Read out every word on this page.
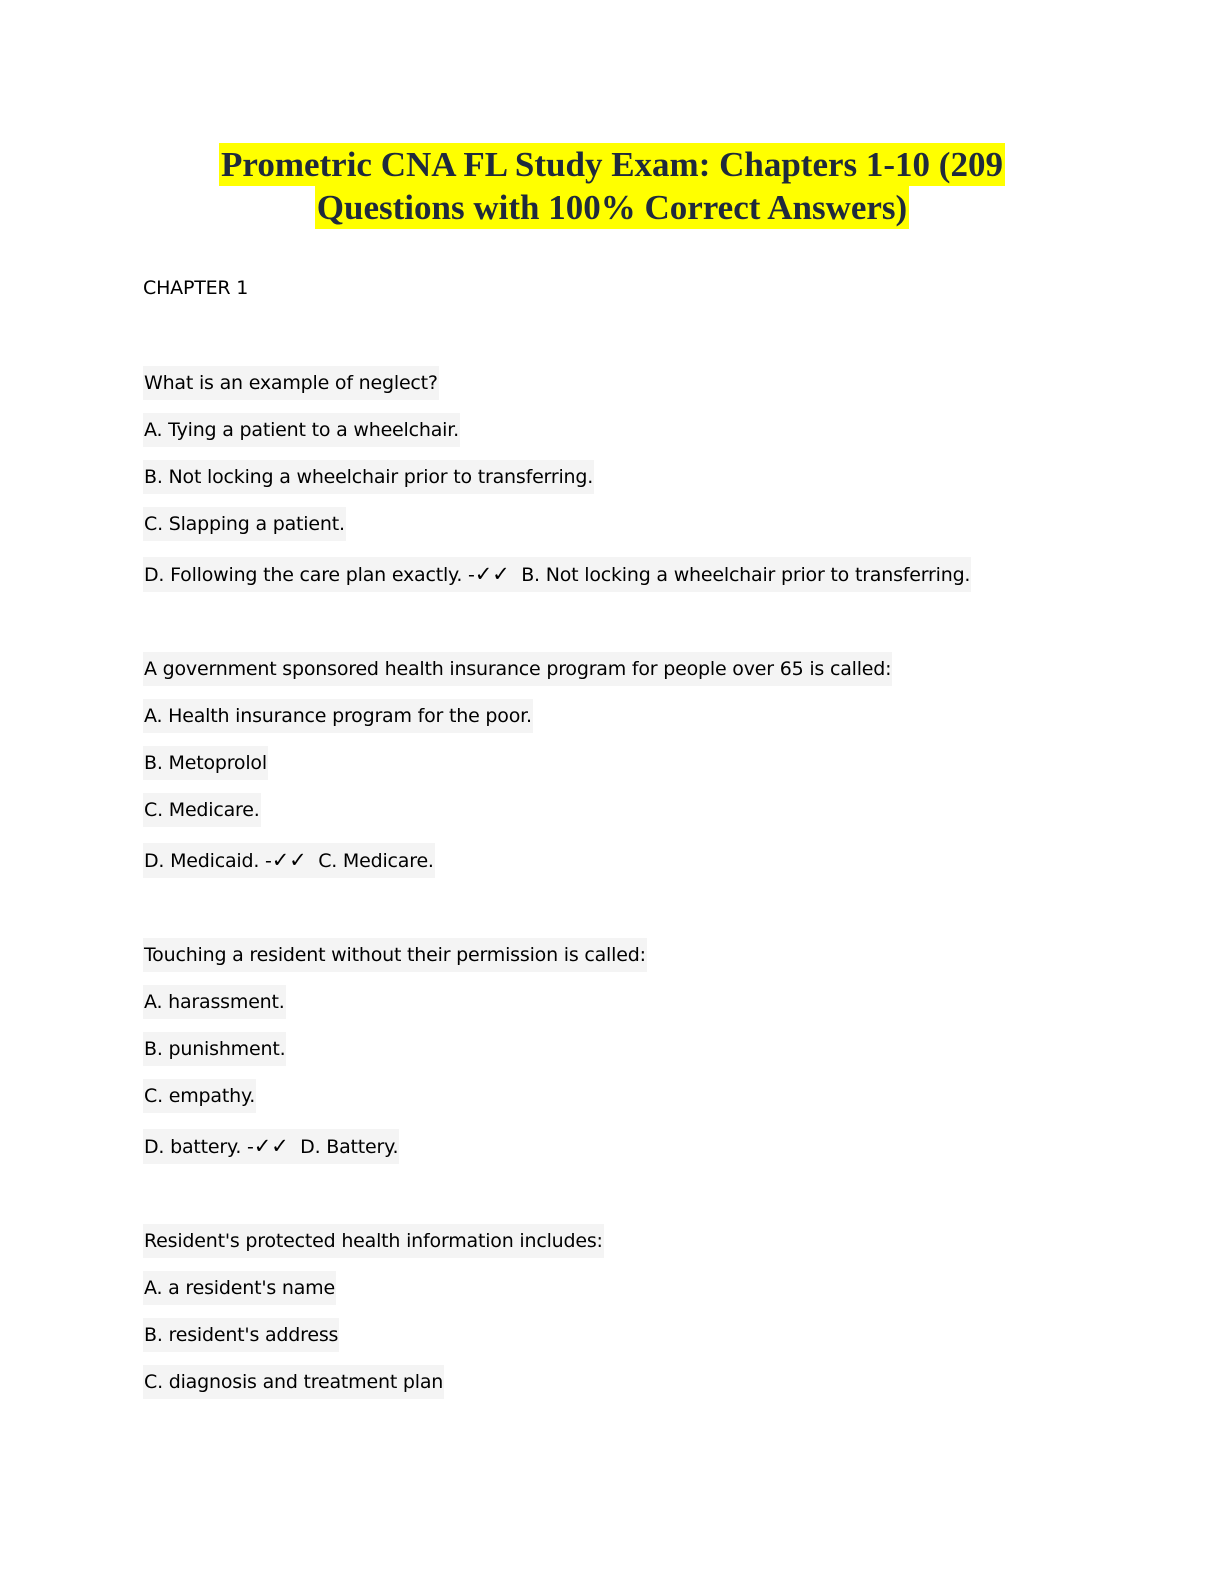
Prometric CNA FL Study Exam: Chapters 1-10 (209
Questions with 100% Correct Answers)
CHAPTER 1
What is an example of neglect?
A. Tying a patient to a wheelchair.
B. Not locking a wheelchair prior to transferring.
C. Slapping a patient.
D. Following the care plan exactly. -✓✓ B. Not locking a wheelchair prior to transferring.
A government sponsored health insurance program for people over 65 is called:
A. Health insurance program for the poor.
B. Metoprolol
C. Medicare.
D. Medicaid. -✓✓ C. Medicare.
Touching a resident without their permission is called:
A. harassment.
B. punishment.
C. empathy.
D. battery. -✓✓ D. Battery.
Resident's protected health information includes:
A. a resident's name
B. resident's address
C. diagnosis and treatment plan
